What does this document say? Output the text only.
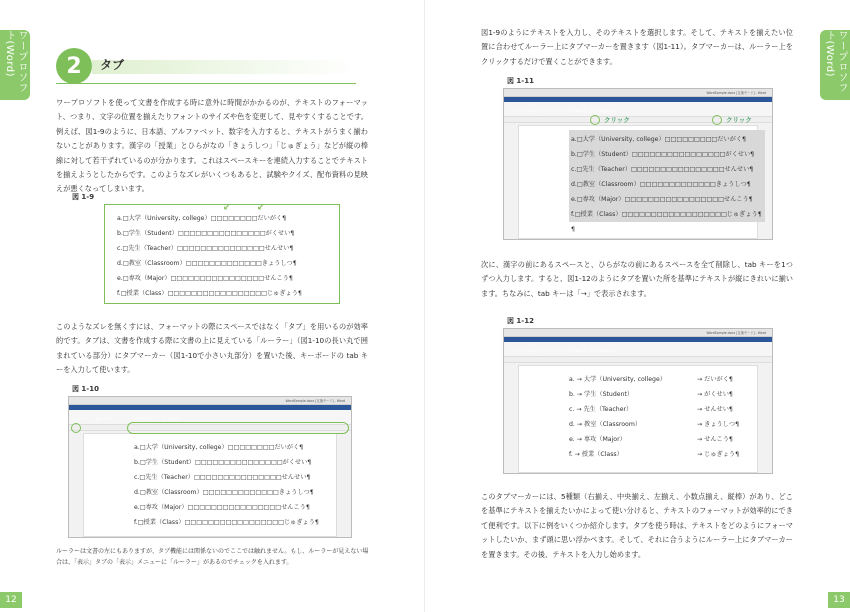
ワープロソフト(Word)	2	タブ
ワープロソフトを使って文書を作成する時に意外に時間がかかるのが、テキストのフォーマット、つまり、文字の位置を揃えたりフォントのサイズや色を変更して、見やすくすることです。例えば、図1-9のように、日本語、アルファベット、数字を入力すると、テキストがうまく揃わないことがあります。漢字の「授業」とひらがなの「きょうしつ」「じゅぎょう」などが縦の棒線に対して若干ずれているのが分かります。これはスペースキーを連続入力することでテキストを揃えようとしたからです。このようなズレがいくつもあると、試験やクイズ、配布資料の見映えが悪くなってしまいます。
図 1-9
↙	↙
a.□大学（University, college）□□□□□□□□だいがく¶
b.□学生（Student）□□□□□□□□□□□□□□□がくせい¶
c.□先生（Teacher）□□□□□□□□□□□□□□□せんせい¶
d.□教室（Classroom）□□□□□□□□□□□□□きょうしつ¶
e.□専攻（Major）□□□□□□□□□□□□□□□□せんこう¶
f.□授業（Class）□□□□□□□□□□□□□□□□□じゅぎょう¶
このようなズレを無くすには、フォーマットの際にスペースではなく「タブ」を用いるのが効率的です。タブは、文書を作成する際に文書の上に見えている「ルーラー」（図1-10の長い丸で囲まれている部分）にタブマーカー（図1-10で小さい丸部分）を置いた後、キーボードの tab キーを入力して使います。
図 1-10
WordSample.docx [互換モード] - Word
ファイル ホーム 挿入 デザイン レイアウト 参考資料 差し込み文書 校閲 表示
a.□大学（University, college）□□□□□□□□だいがく¶
b.□学生（Student）□□□□□□□□□□□□□□□がくせい¶
c.□先生（Teacher）□□□□□□□□□□□□□□□せんせい¶
d.□教室（Classroom）□□□□□□□□□□□□□きょうしつ¶
e.□専攻（Major）□□□□□□□□□□□□□□□□せんこう¶
f.□授業（Class）□□□□□□□□□□□□□□□□□じゅぎょう¶
ルーラーは文書の左にもありますが、タブ機能には関係ないのでここでは触れません。もし、ルーラーが見えない場合は、「表示」タブの「表示」メニューに「ルーラー」があるのでチェックを入れます。
12
ワープロソフト(Word)
図1-9のようにテキストを入力し、そのテキストを選択します。そして、テキストを揃えたい位置に合わせてルーラー上にタブマーカーを置きます（図1-11）。タブマーカーは、ルーラー上をクリックするだけで置くことができます。
図 1-11
WordSample.docx [互換モード] - Word
ファイル ホーム 挿入 デザイン レイアウト 参考資料 差し込み文書 校閲 表示
a.□大学（University, college）□□□□□□□□□だいがく¶
b.□学生（Student）□□□□□□□□□□□□□□□□がくせい¶
c.□先生（Teacher）□□□□□□□□□□□□□□□□せんせい¶
d.□教室（Classroom）□□□□□□□□□□□□□きょうしつ¶
e.□専攻（Major）□□□□□□□□□□□□□□□□□せんこう¶
f.□授業（Class）□□□□□□□□□□□□□□□□□□じゅぎょう¶
¶
クリック	クリック
次に、漢字の前にあるスペースと、ひらがなの前にあるスペースを全て削除し、tab キーを1つずつ入力します。すると、図1-12のようにタブを置いた所を基準にテキストが縦にきれいに揃います。ちなみに、tab キーは「→」で表示されます。
図 1-12
WordSample.docx [互換モード] - Word
ファイル ホーム 挿入 デザイン レイアウト 参考資料 差し込み文書 校閲 表示
a. → 大学（University, college）	→ だいがく¶
b. → 学生（Student）	→ がくせい¶
c. → 先生（Teacher）	→ せんせい¶
d. → 教室（Classroom）	→ きょうしつ¶
e. → 専攻（Major）	→ せんこう¶
f. → 授業（Class）	→ じゅぎょう¶
このタブマーカーには、5種類（右揃え、中央揃え、左揃え、小数点揃え、縦棒）があり、どこを基準にテキストを揃えたいかによって使い分けると、テキストのフォーマットが効率的にできて便利です。以下に例をいくつか紹介します。タブを使う時は、テキストをどのようにフォーマットしたいか、まず頭に思い浮かべます。そして、それに合うようにルーラー上にタブマーカーを置きます。その後、テキストを入力し始めます。
13
